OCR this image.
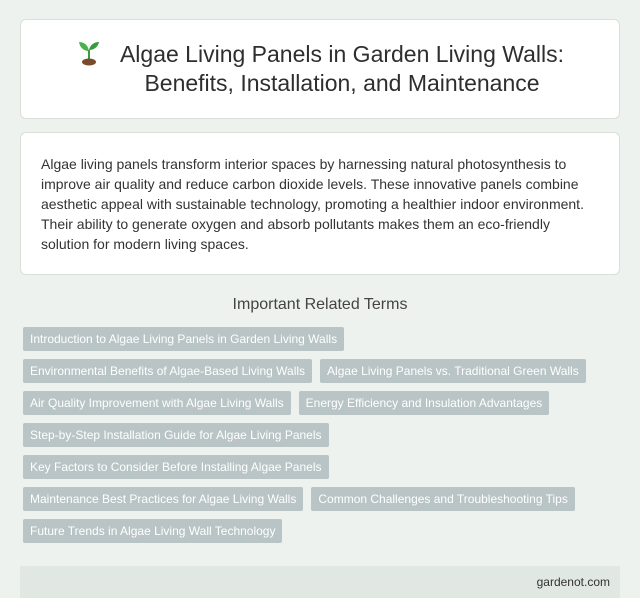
Algae Living Panels in Garden Living Walls:
Benefits, Installation, and Maintenance

Algae living panels transform interior spaces by harnessing natural photosynthesis to improve air quality and reduce carbon dioxide levels. These innovative panels combine aesthetic appeal with sustainable technology, promoting a healthier indoor environment. Their ability to generate oxygen and absorb pollutants makes them an eco-friendly solution for modern living spaces.

Important Related Terms
Introduction to Algae Living Panels in Garden Living Walls
Environmental Benefits of Algae-Based Living Walls	Algae Living Panels vs. Traditional Green Walls
Air Quality Improvement with Algae Living Walls	Energy Efficiency and Insulation Advantages
Step-by-Step Installation Guide for Algae Living Panels
Key Factors to Consider Before Installing Algae Panels
Maintenance Best Practices for Algae Living Walls	Common Challenges and Troubleshooting Tips
Future Trends in Algae Living Wall Technology
gardenot.com
